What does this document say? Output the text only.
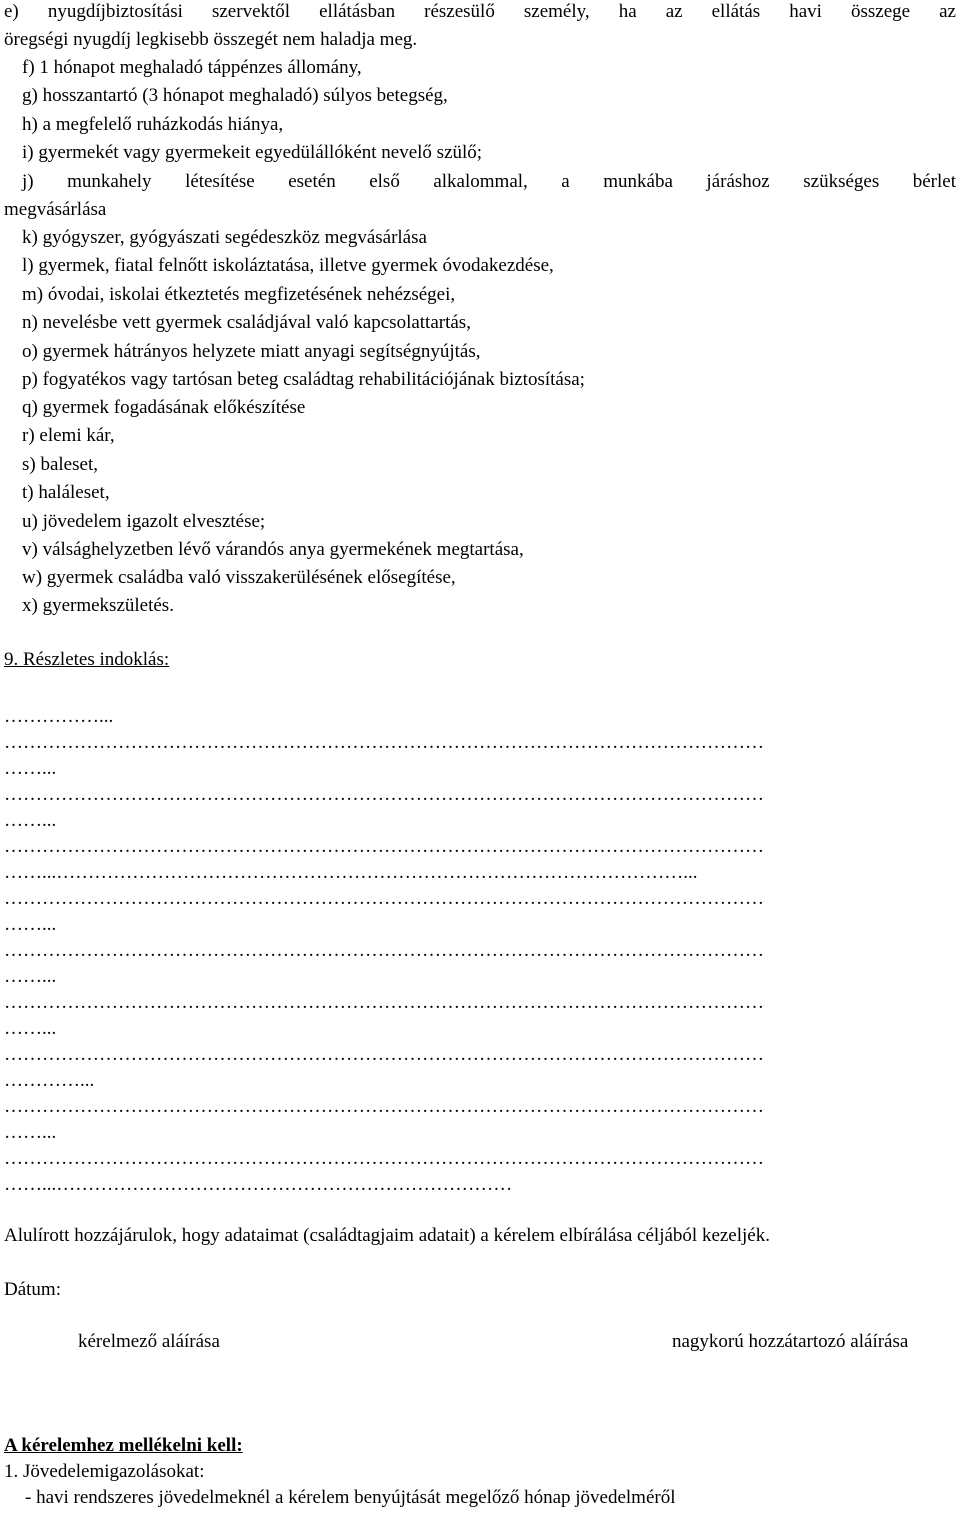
e) nyugdíjbiztosítási szervektől ellátásban részesülő személy, ha az ellátás havi összege az

öregségi nyugdíj legkisebb összegét nem haladja meg.

f) 1 hónapot meghaladó táppénzes állomány,

g) hosszantartó (3 hónapot meghaladó) súlyos betegség,

h) a megfelelő ruházkodás hiánya,

i) gyermekét vagy gyermekeit egyedülállóként nevelő szülő;

j) munkahely létesítése esetén első alkalommal, a munkába járáshoz szükséges bérlet

megvásárlása

k) gyógyszer, gyógyászati segédeszköz megvásárlása

l) gyermek, fiatal felnőtt iskoláztatása, illetve gyermek óvodakezdése,

m) óvodai, iskolai étkeztetés megfizetésének nehézségei,

n) nevelésbe vett gyermek családjával való kapcsolattartás,

o) gyermek hátrányos helyzete miatt anyagi segítségnyújtás,

p) fogyatékos vagy tartósan beteg családtag rehabilitációjának biztosítása;

q) gyermek fogadásának előkészítése

r) elemi kár,

s) baleset,

t) haláleset,

u) jövedelem igazolt elvesztése;

v) válsághelyzetben lévő várandós anya gyermekének megtartása,

w) gyermek családba való visszakerülésének elősegítése,

x) gyermekszületés.

9. Részletes indoklás:

……………...

…………………………………………………………………………………………………………

……...

…………………………………………………………………………………………………………

……...

…………………………………………………………………………………………………………

……...………………………………………………………………………………………...

…………………………………………………………………………………………………………

……...

…………………………………………………………………………………………………………

……...

…………………………………………………………………………………………………………

……...

…………………………………………………………………………………………………………

…………...

…………………………………………………………………………………………………………

……...

…………………………………………………………………………………………………………

……...………………………………………………………………

Alulírott hozzájárulok, hogy adataimat (családtagjaim adatait) a kérelem elbírálása céljából kezeljék.

Dátum:

kérelmező aláírása	nagykorú hozzátartozó aláírása

A kérelemhez mellékelni kell:

1. Jövedelemigazolásokat:

- havi rendszeres jövedelmeknél a kérelem benyújtását megelőző hónap jövedelméről
